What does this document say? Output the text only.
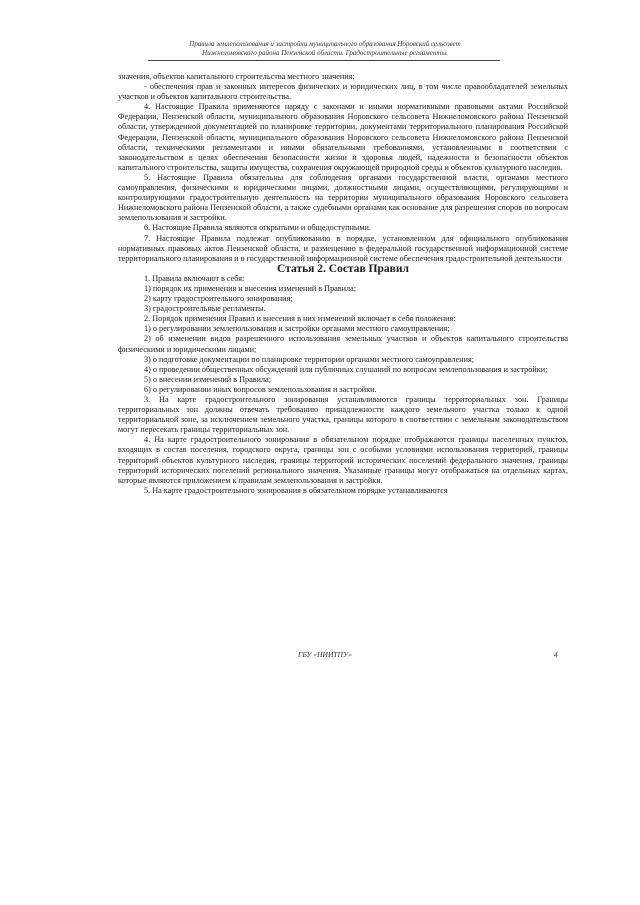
Правила землепользования и застройки муниципального образования Норовский сельсовет
Нижнеломовского района Пензенской области. Градостроительные регламенты.

значения, объектов капитального строительства местного значения;

- обеспечения прав и законных интересов физических и юридических лиц, в том числе правообладателей земельных участков и объектов капитального строительства.

4. Настоящие Правила применяются наряду с законами и иными нормативными правовыми актами Российской Федерации, Пензенской области, муниципального образования Норовского сельсовета Нижнеломовского района Пензенской области, утвержденной документацией по планировке территории, документами территориального планирования Российской Федерации, Пензенской области, муниципального образования Норовского сельсовета Нижнеломовского района Пензенской области, техническими регламентами и иными обязательными требованиями, установленными в соответствии с законодательством в целях обеспечения безопасности жизни и здоровья людей, надежности и безопасности объектов капитального строительства, защиты имущества, сохранения окружающей природной среды и объектов культурного наследия.

5. Настоящие Правила обязательны для соблюдения органами государственной власти, органами местного самоуправления, физическими и юридическими лицами, должностными лицами, осуществляющими, регулирующими и контролирующими градостроительную деятельность на территории муниципального образования Норовского сельсовета Нижнеломовского района Пензенской области, а также судебными органами как основание для разрешения споров по вопросам землепользования и застройки.

6. Настоящие Правила являются открытыми и общедоступными.

7. Настоящие Правила подлежат опубликованию в порядке, установленном для официального опубликования нормативных правовых актов Пензенской области, и размещению в федеральной государственной информационной системе территориального планирования и в государственной информационной системе обеспечения градостроительной деятельности

Статья 2. Состав Правил

1. Правила включают в себя:

1) порядок их применения и внесения изменений в Правила;

2) карту градостроительного зонирования;

3) градостроительные регламенты.

2. Порядок применения Правил и внесения в них изменений включает в себя положения:

1) о регулировании землепользования и застройки органами местного самоуправления;

2) об изменении видов разрешенного использования земельных участков и объектов капитального строительства физическими и юридическими лицами;

3) о подготовке документации по планировке территории органами местного самоуправления;

4) о проведении общественных обсуждений или публичных слушаний по вопросам землепользования и застройки;

5) о внесении изменений в Правила;

6) о регулировании иных вопросов землепользования и застройки.

3. На карте градостроительного зонирования устанавливаются границы территориальных зон. Границы территориальных зон должны отвечать требованию принадлежности каждого земельного участка только к одной территориальной зоне, за исключением земельного участка, границы которого в соответствии с земельным законодательством могут пересекать границы территориальных зон.

4. На карте градостроительного зонирования в обязательном порядке отображаются границы населенных пунктов, входящих в состав поселения, городского округа, границы зон с особыми условиями использования территорий, границы территорий объектов культурного наследия, границы территорий исторических поселений федерального значения, границы территорий исторических поселений регионального значения. Указанные границы могут отображаться на отдельных картах, которые являются приложением к правилам землепользования и застройки.

5. На карте градостроительного зонирования в обязательном порядке устанавливаются

ГБУ «НИИТПУ»	4
